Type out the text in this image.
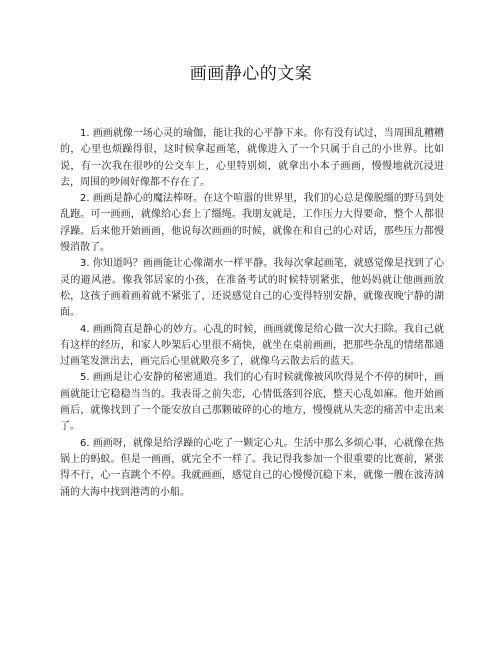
画画静心的文案

1. 画画就像一场心灵的瑜伽，能让我的心平静下来。你有没有试过，当周围乱糟糟的，心里也烦躁得很，这时候拿起画笔，就像进入了一个只属于自己的小世界。比如说，有一次我在很吵的公交车上，心里特别烦，就拿出小本子画画，慢慢地就沉浸进去，周围的吵闹好像都不存在了。

2. 画画是静心的魔法棒呀。在这个喧嚣的世界里，我们的心总是像脱缰的野马到处乱跑。可一画画，就像给心套上了缰绳。我朋友就是，工作压力大得要命，整个人都很浮躁。后来他开始画画，他说每次画画的时候，就像在和自己的心对话，那些压力都慢慢消散了。

3. 你知道吗？画画能让心像湖水一样平静。我每次拿起画笔，就感觉像是找到了心灵的避风港。像我邻居家的小孩，在准备考试的时候特别紧张，他妈妈就让他画画放松，这孩子画着画着就不紧张了，还说感觉自己的心变得特别安静，就像夜晚宁静的湖面。

4. 画画简直是静心的妙方。心乱的时候，画画就像是给心做一次大扫除。我自己就有这样的经历，和家人吵架后心里很不痛快，就坐在桌前画画，把那些杂乱的情绪都通过画笔发泄出去，画完后心里就敞亮多了，就像乌云散去后的蓝天。

5. 画画是让心安静的秘密通道。我们的心有时候就像被风吹得晃个不停的树叶，画画就能让它稳稳当当的。我表哥之前失恋，心情低落到谷底，整天心乱如麻。他开始画画后，就像找到了一个能安放自己那颗破碎的心的地方，慢慢就从失恋的痛苦中走出来了。

6. 画画呀，就像是给浮躁的心吃了一颗定心丸。生活中那么多烦心事，心就像在热锅上的蚂蚁。但是一画画，就完全不一样了。我记得我参加一个很重要的比赛前，紧张得不行，心一直跳个不停。我就画画，感觉自己的心慢慢沉稳下来，就像一艘在波涛汹涌的大海中找到港湾的小船。
